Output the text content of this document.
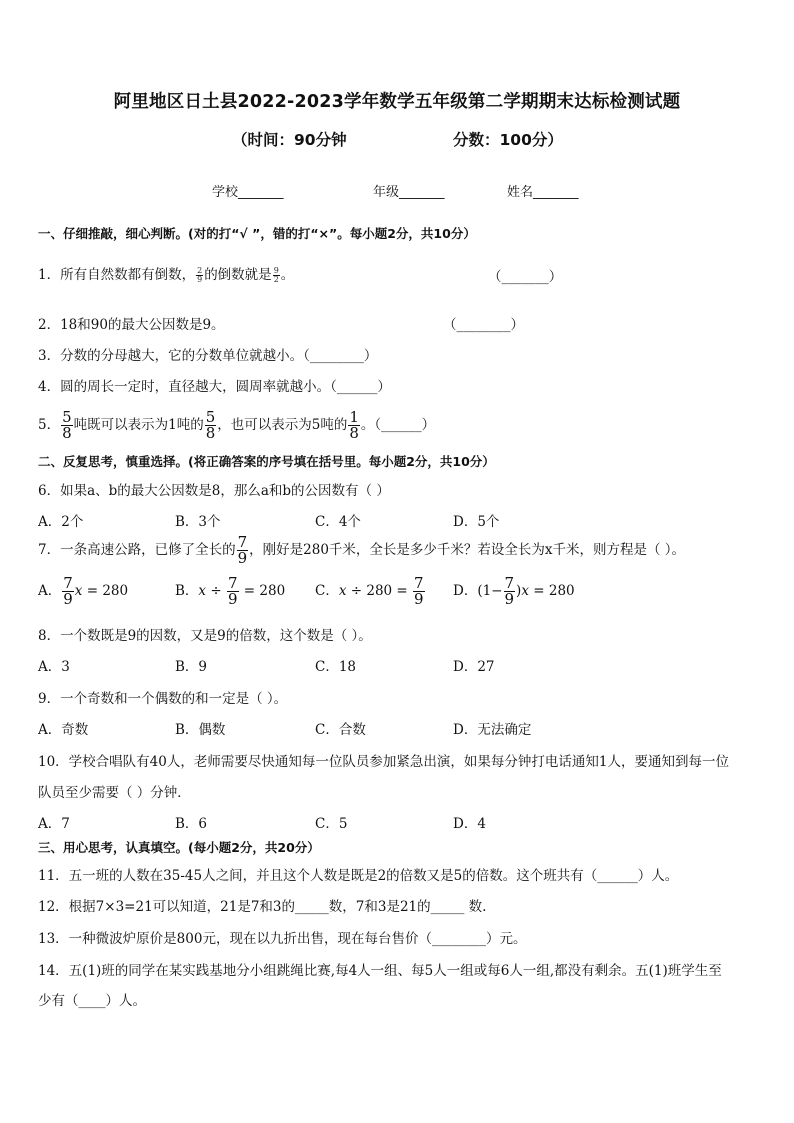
阿里地区日土县2022-2023学年数学五年级第二学期期末达标检测试题
（时间：90分钟	分数：100分）
学校_______	年级_______	姓名_______
一、仔细推敲，细心判断。(对的打“√ ”，错的打“×”。每小题2分，共10分）
1．所有自然数都有倒数， $\frac{2}{9}$ 的倒数就是 $\frac{9}{2}$ 。	（_______）
2．18和90的最大公因数是9。	（________）
3．分数的分母越大，它的分数单位就越小。（________）
4．圆的周长一定时，直径越大，圆周率就越小。（______）
5． $\frac{5}{8}$ 吨既可以表示为1吨的 $\frac{5}{8}$ ，也可以表示为5吨的 $\frac{1}{8}$ 。（______）
二、反复思考，慎重选择。(将正确答案的序号填在括号里。每小题2分，共10分）
6．如果a、b的最大公因数是8，那么a和b的公因数有（ ）
A．2个	B．3个	C．4个	D．5个
7．一条高速公路，已修了全长的 $\frac{7}{9}$ ，刚好是280千米，全长是多少千米？若设全长为x千米，则方程是（ ）。
A． $\frac{7}{9}$ x = 280	B．$x \div \frac{7}{9} = 280$ C．$x \div 280 = \frac{7}{9}$ D．$(1- \frac{7}{9} )x = 280$
8．一个数既是9的因数，又是9的倍数，这个数是（ ）。
A．3	B．9	C．18	D．27
9．一个奇数和一个偶数的和一定是（ ）。
A．奇数	B．偶数	C．合数	D．无法确定
10．学校合唱队有40人，老师需要尽快通知每一位队员参加紧急出演，如果每分钟打电话通知1人，要通知到每一位
队员至少需要（ ）分钟．
A．7	B．6	C．5	D．4
三、用心思考，认真填空。(每小题2分，共20分）
11．五一班的人数在35-45人之间，并且这个人数是既是2的倍数又是5的倍数。这个班共有（______）人。
12．根据7×3=21可以知道，21是7和3的_____数，7和3是21的_____ 数.
13．一种微波炉原价是800元，现在以九折出售，现在每台售价（________）元。
14．五(1)班的同学在某实践基地分小组跳绳比赛,每4人一组、每5人一组或每6人一组,都没有剩余。五(1)班学生至
少有（____）人。
